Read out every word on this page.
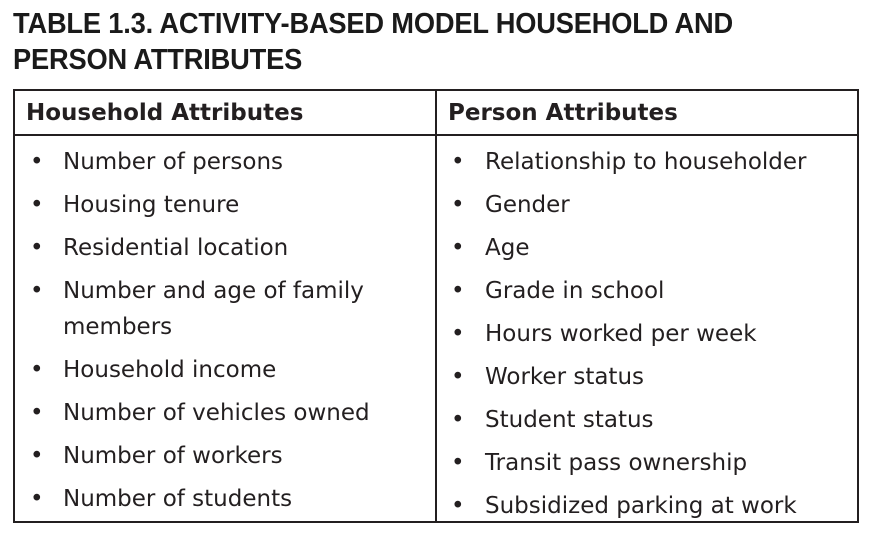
TABLE 1.3. ACTIVITY-BASED MODEL HOUSEHOLD AND PERSON ATTRIBUTES
Household Attributes
• Number of persons
• Housing tenure
• Residential location
• Number and age of family members
• Household income
• Number of vehicles owned
• Number of workers
• Number of students
Person Attributes
• Relationship to householder
• Gender
• Age
• Grade in school
• Hours worked per week
• Worker status
• Student status
• Transit pass ownership
• Subsidized parking at work
